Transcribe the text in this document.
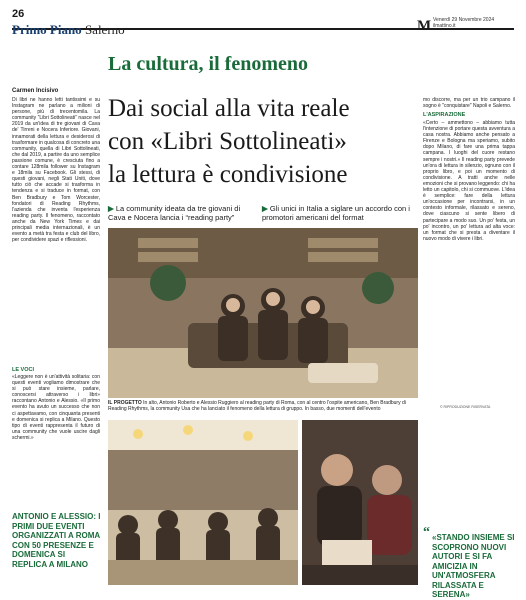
26
Primo Piano Salerno	M Venerdì 29 Novembre 2024
ilmattino.it
La cultura, il fenomeno
Carmen Incisivo
Di libri ne hanno letti tantissimi e su Instagram ne parlano a milioni di persone, più di trecentomila. La community “Libri Sottolineati” nasce nel 2019 da un'idea di tre giovani di Cava de' Tirreni e Nocera Inferiore. Giovani, innamorati della lettura e desiderosi di trasformare in qualcosa di concreto una community, quella di Libri Sottolineati, che dal 2019, a partire da uno semplice passione comune, è cresciuta fino a contare 128mila follower su Instagram e 18mila su Facebook. Gli stessi, di questi giovani, negli Stati Uniti, dove tutto ciò che accade si trasforma in tendenza e si traduce in format, con Ben Bradbury e Tom Worcester, fondatori di Reading Rhythms, l'azienda che inventa l'esperienza reading party. Il fenomeno, raccontato anche da New York Times e dai principali media internazionali, è un evento a metà tra festa e club del libro, per condividere spazi e riflessioni.
LE VOCI
«Leggere non è un'attività solitaria: con questi eventi vogliamo dimostrare che si può stare insieme, parlare, conoscersi attraverso i libri» raccontano Antonio e Alessio. «Il primo evento ha avuto un successo che non ci aspettavamo, con cinquanta presenti e domenica si replica a Milano. Questo tipo di eventi rappresenta il futuro di una community che vuole uscire dagli schermi.»
ANTONIO E ALESSIO: I PRIMI DUE EVENTI ORGANIZZATI A ROMA CON 50 PRESENZE E DOMENICA SI REPLICA A MILANO
Dai social alla vita reale
con «Libri Sottolineati»
la lettura è condivisione
▶ La community ideata da tre giovani di Cava e Nocera lancia i “reading party”
▶ Gli unici in Italia a siglare un accordo con i promotori americani del format
IL PROGETTO In alto, Antonio Roberto e Alessio Ruggiero al reading party di Roma, con al centro l'ospite americano, Ben Bradbury di Reading Rhythms, la community Usa che ha lanciato il fenomeno della lettura di gruppo. In basso, due momenti dell'evento
mo discorre, ma per un trio campano il sogno è "conquistare" Napoli e Salerno.
L'ASPIRAZIONE
«Certo – ammettono – abbiamo tutta l'intenzione di portare questa avventura a casa nostra. Abbiamo anche pensato a Firenze e Bologna ma speriamo, subito dopo Milano, di fare una prima tappa campana. I luoghi del cuore restano sempre i nostri.» Il reading party prevede un'ora di lettura in silenzio, ognuno con il proprio libro, e poi un momento di condivisione. A tratti anche nelle emozioni che si provano leggendo: chi ha letto un capitolo, chi si commuove. L'idea è semplice: fare della lettura un'occasione per incontrarsi, in un contesto informale, rilassato e sereno, dove ciascuno si sente libero di partecipare a modo suo. Un po' festa, un po' incontro, un po' lettura ad alta voce: un format che si presta a diventare il nuovo modo di vivere i libri.
© RIPRODUZIONE RISERVATA
“ «STANDO INSIEME SI SCOPRONO NUOVI AUTORI E SI FA AMICIZIA IN UN'ATMOSFERA RILASSATA E SERENA»
